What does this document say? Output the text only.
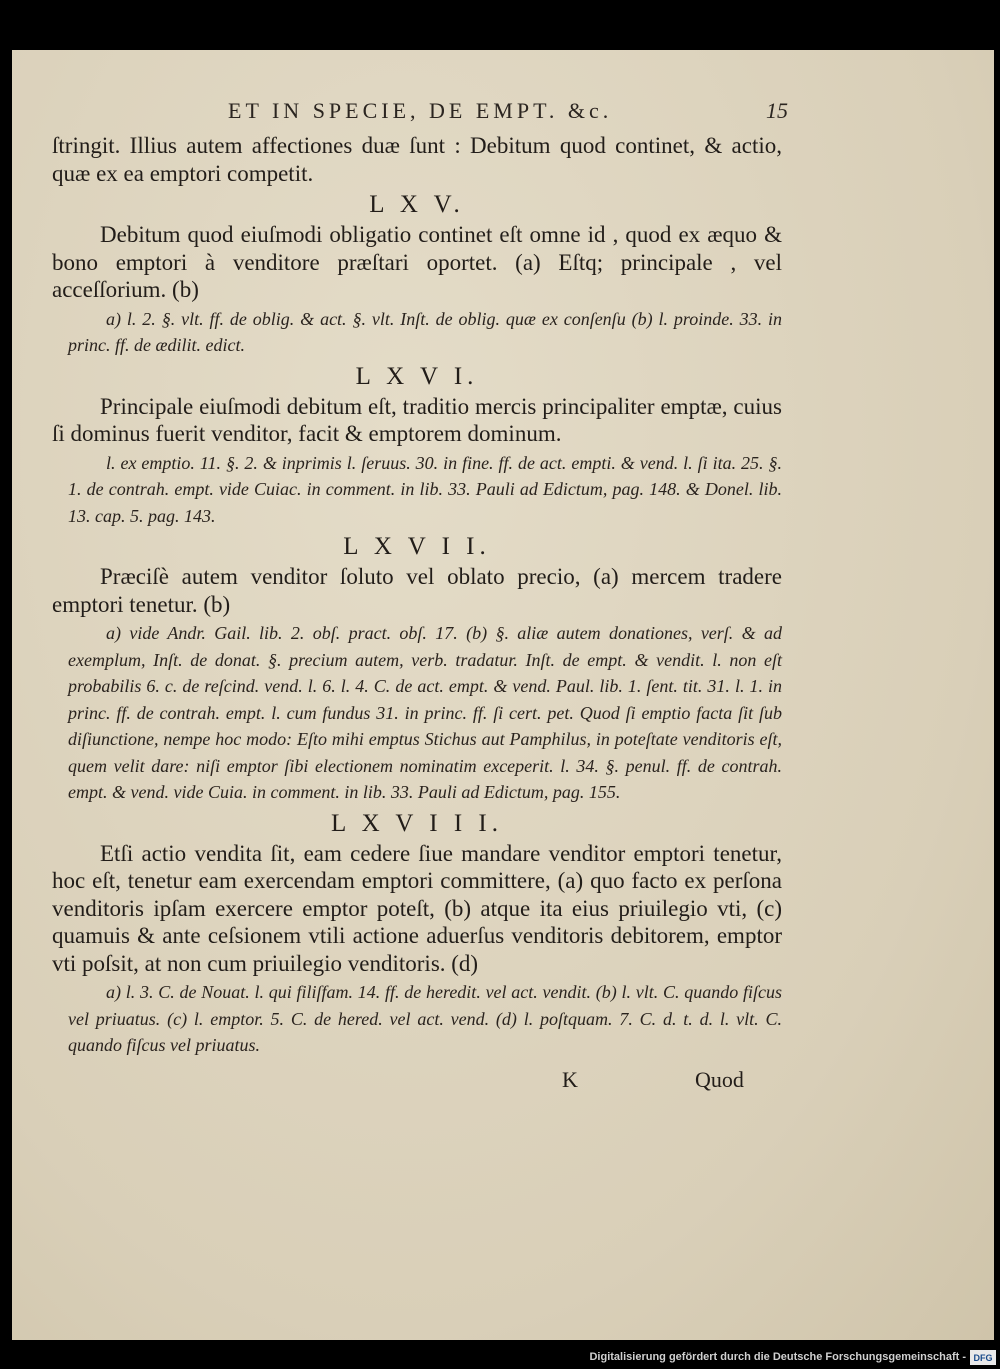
ET IN SPECIE, DE EMPT. &c.	15

ſtringit. Illius autem affectiones duæ ſunt : Debitum quod continet, & actio, quæ ex ea emptori competit.

L X V.

Debitum quod eiuſmodi obligatio continet eſt omne id , quod ex æquo & bono emptori à venditore præſtari oportet. (a) Eſtq; principale , vel acceſſorium. (b)

a) l. 2. §. vlt. ff. de oblig. & act. §. vlt. Inſt. de oblig. quæ ex conſenſu (b) l. proinde. 33. in princ. ff. de ædilit. edict.

L X V I.

Principale eiuſmodi debitum eſt, traditio mercis principaliter emptæ, cuius ſi dominus fuerit venditor, facit & emptorem dominum.

l. ex emptio. 11. §. 2. & inprimis l. ſeruus. 30. in fine. ff. de act. empti. & vend. l. ſi ita. 25. §. 1. de contrah. empt. vide Cuiac. in comment. in lib. 33. Pauli ad Edictum, pag. 148. & Donel. lib. 13. cap. 5. pag. 143.

L X V I I.

Præciſè autem venditor ſoluto vel oblato precio, (a) mercem tradere emptori tenetur. (b)

a) vide Andr. Gail. lib. 2. obſ. pract. obſ. 17. (b) §. aliæ autem donationes, verſ. & ad exemplum, Inſt. de donat. §. precium autem, verb. tradatur. Inſt. de empt. & vendit. l. non eſt probabilis 6. c. de reſcind. vend. l. 6. l. 4. C. de act. empt. & vend. Paul. lib. 1. ſent. tit. 31. l. 1. in princ. ff. de contrah. empt. l. cum fundus 31. in princ. ff. ſi cert. pet. Quod ſi emptio facta ſit ſub diſiunctione, nempe hoc modo: Eſto mihi emptus Stichus aut Pamphilus, in poteſtate venditoris eſt, quem velit dare: niſi emptor ſibi electionem nominatim exceperit. l. 34. §. penul. ff. de contrah. empt. & vend. vide Cuia. in comment. in lib. 33. Pauli ad Edictum, pag. 155.

L X V I I I.

Etſi actio vendita ſit, eam cedere ſiue mandare venditor emptori tenetur, hoc eſt, tenetur eam exercendam emptori committere, (a) quo facto ex perſona venditoris ipſam exercere emptor poteſt, (b) atque ita eius priuilegio vti, (c) quamuis & ante ceſsionem vtili actione aduerſus venditoris debitorem, emptor vti poſsit, at non cum priuilegio venditoris. (d)

a) l. 3. C. de Nouat. l. qui filiſfam. 14. ff. de heredit. vel act. vendit. (b) l. vlt. C. quando fiſcus vel priuatus. (c) l. emptor. 5. C. de hered. vel act. vend. (d) l. poſtquam. 7. C. d. t. d. l. vlt. C. quando fiſcus vel priuatus.

K	Quod
Digitalisierung gefördert durch die Deutsche Forschungsgemeinschaft - DFG
